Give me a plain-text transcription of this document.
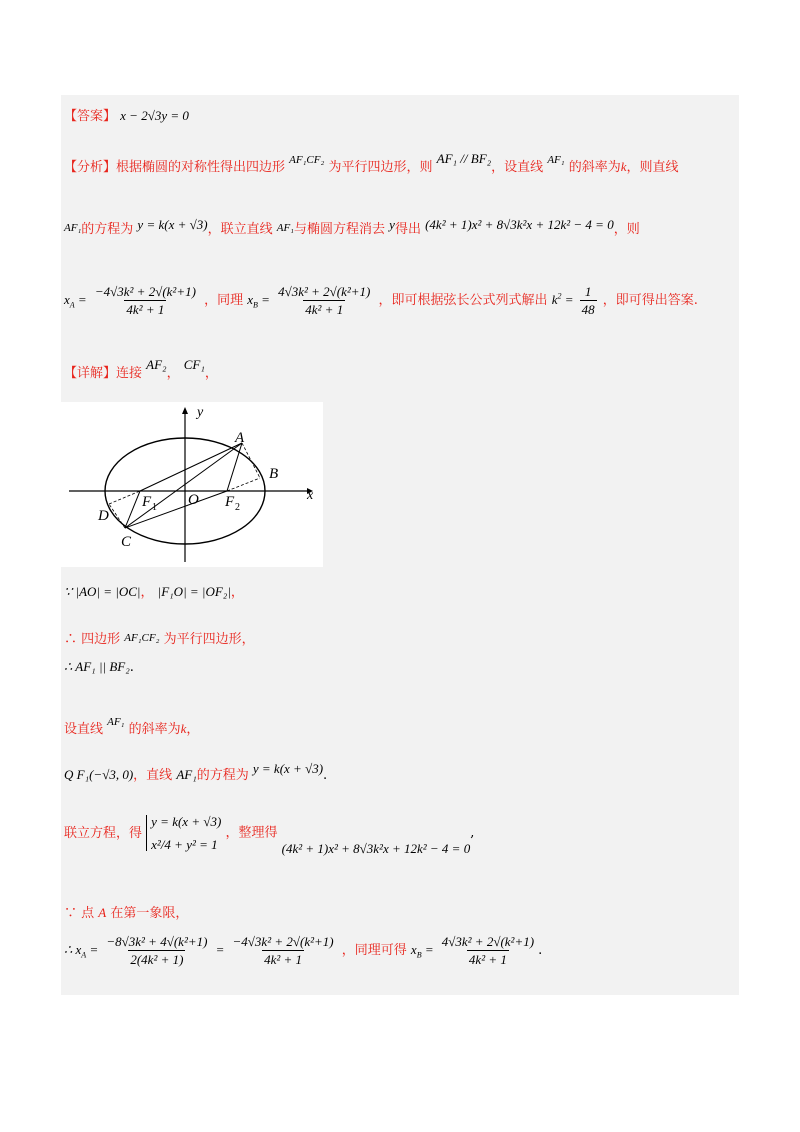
【答案】 x − 2√3y = 0
【分析】根据椭圆的对称性得出四边形 $^{AF_1CF_2}$ 为平行四边形，则 AF₁ // BF₂，设直线 $^{AF_1}$ 的斜率为k，则直线
AF₁的方程为 y = k(x + √3)，联立直线 AF₁与椭圆方程消去 y得出 (4k² + 1)x² + 8√3k²x + 12k² − 4 = 0，则
$x_A = \frac{\text{−4√3k² + 2√(k²+1)}}{\text{4k² + 1}}$ ，同理 $x_B = \frac{\text{4√3k² + 2√(k²+1)}}{\text{4k² + 1}}$ ，即可根据弦长公式列式解出 $k^2 = \frac{1}{48}$ ，即可得出答案.
【详解】连接 AF₂， CF₁，
y
x
A
B
C
D
O
F 1	F 2
∵ |AO| = |OC|， |F₁O| = |OF₂|，
∴ 四边形 AF₁CF₂ 为平行四边形，
∴ AF₁ || BF₂.
设直线 $^{AF_1}$ 的斜率为k，
Q F₁(−√3, 0)，直线 AF₁的方程为 y = k(x + √3).
联立方程，得
y = k(x + √3)
x²/4 + y² = 1
，整理得 (4k² + 1)x² + 8√3k²x + 12k² − 4 = 0,
∵ 点 A 在第一象限，
∴ $x_A = \frac{\text{−8√3k² + 4√(k²+1)}}{\text{2(4k² + 1)}} = \frac{\text{−4√3k² + 2√(k²+1)}}{\text{4k² + 1}}$ ，同理可得 $x_B = \frac{\text{4√3k² + 2√(k²+1)}}{\text{4k² + 1}}$ .
